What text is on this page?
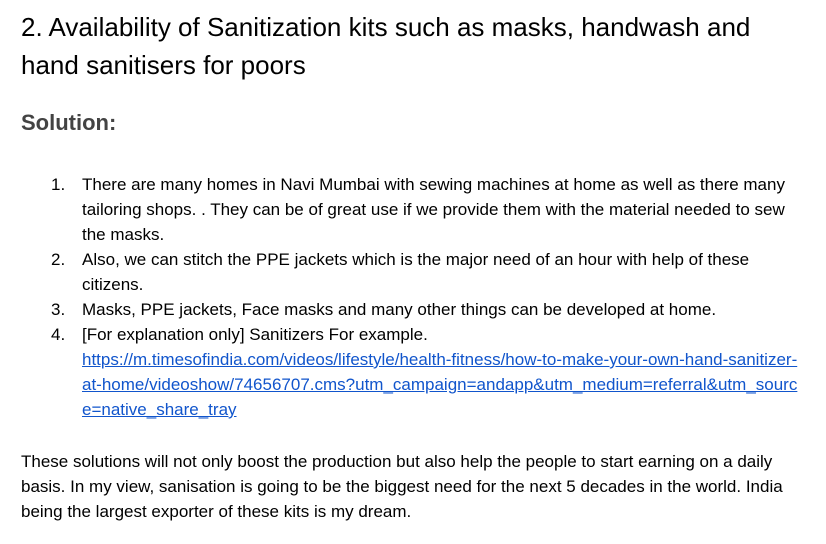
2. Availability of Sanitization kits such as masks, handwash and hand sanitisers for poors
Solution:
1. There are many homes in Navi Mumbai with sewing machines at home as well as there many tailoring shops. . They can be of great use if we provide them with the material needed to sew the masks.
2. Also, we can stitch the PPE jackets which is the major need of an hour with help of these citizens.
3. Masks, PPE jackets, Face masks and many other things can be developed at home.
4. [For explanation only] Sanitizers For example.
https://m.timesofindia.com/videos/lifestyle/health-fitness/how-to-make-your-own-hand-sanitizer-at-home/videoshow/74656707.cms?utm_campaign=andapp&utm_medium=referral&utm_source=native_share_tray

These solutions will not only boost the production but also help the people to start earning on a daily basis. In my view, sanisation is going to be the biggest need for the next 5 decades in the world. India being the largest exporter of these kits is my dream.
